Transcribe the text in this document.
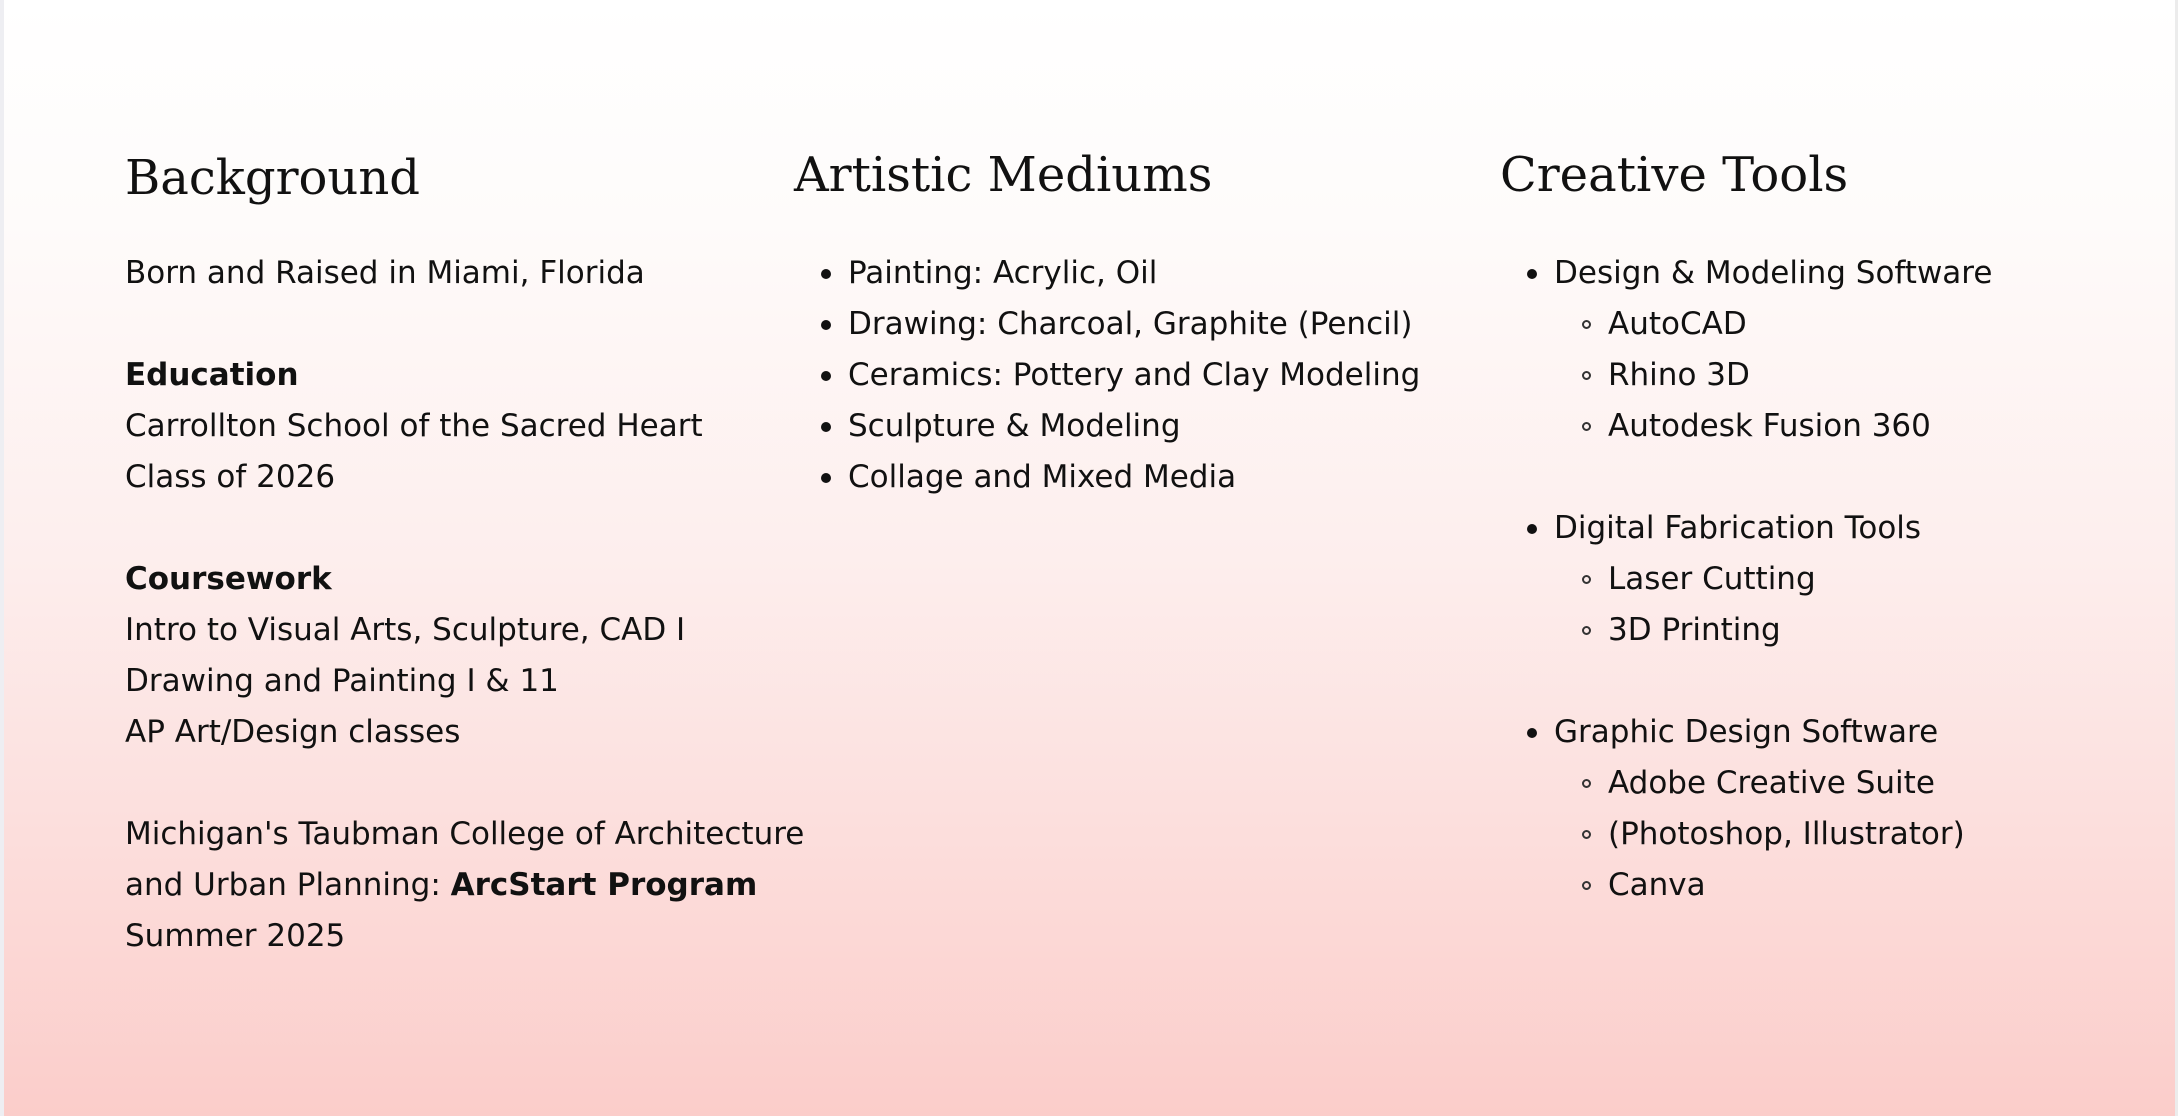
Background
Born and Raised in Miami, Florida
Education
Carrollton School of the Sacred Heart
Class of 2026
Coursework
Intro to Visual Arts, Sculpture, CAD I
Drawing and Painting I & 11
AP Art/Design classes
Michigan's Taubman College of Architecture
and Urban Planning: ArcStart Program
Summer 2025
Artistic Mediums
Painting: Acrylic, Oil
Drawing: Charcoal, Graphite (Pencil)
Ceramics: Pottery and Clay Modeling
Sculpture & Modeling
Collage and Mixed Media
Creative Tools
Design & Modeling Software
AutoCAD
Rhino 3D
Autodesk Fusion 360
Digital Fabrication Tools
Laser Cutting
3D Printing
Graphic Design Software
Adobe Creative Suite
(Photoshop, Illustrator)
Canva
